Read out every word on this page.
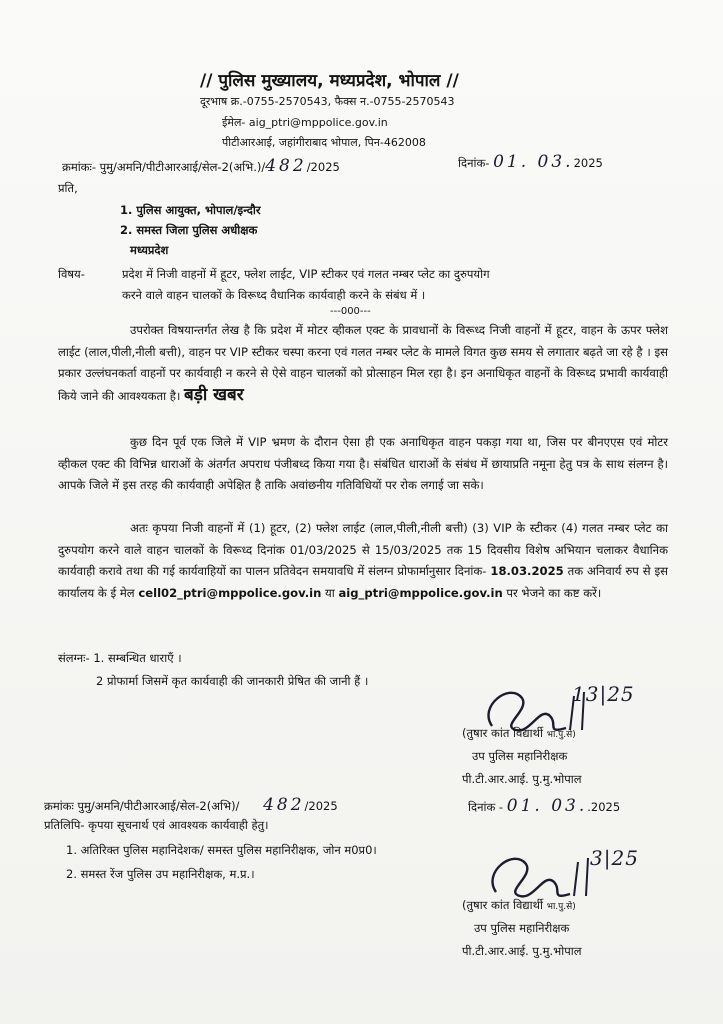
// पुलिस मुख्यालय, मध्यप्रदेश, भोपाल //
दूरभाष क्र.-0755-2570543, फैक्स न.-0755-2570543
ईमेल- aig_ptri@mppolice.gov.in
पीटीआरआई, जहांगीराबाद भोपाल, पिन-462008
क्रमांकः- पुमु/अमनि/पीटीआरआई/सेल-2(अभि.)/482/2025	दिनांक- 01. 03.2025
प्रति,
1. पुलिस आयुक्त, भोपाल/इन्दौर
2. समस्त जिला पुलिस अधीक्षक
मध्यप्रदेश
विषय-	प्रदेश में निजी वाहनों में हूटर, फ्लेश लाईट, VIP स्टीकर एवं गलत नम्बर प्लेट का दुरुपयोग
करने वाले वाहन चालकों के विरूध्द वैधानिक कार्यवाही करने के संबंध में ।
---000---
उपरोक्त विषयान्तर्गत लेख है कि प्रदेश में मोटर व्हीकल एक्ट के प्रावधानों के विरूध्द निजी वाहनों में हूटर, वाहन के ऊपर फ्लेश लाईट (लाल,पीली,नीली बत्ती), वाहन पर VIP स्टीकर चस्पा करना एवं गलत नम्बर प्लेट के मामले विगत कुछ समय से लगातार बढ़ते जा रहे है । इस प्रकार उल्लंघनकर्ता वाहनों पर कार्यवाही न करने से ऐसे वाहन चालकों को प्रोत्साहन मिल रहा है। इन अनाधिकृत वाहनों के विरूध्द प्रभावी कार्यवाही किये जाने की आवश्यकता है। बड़ी खबर
कुछ दिन पूर्व एक जिले में VIP भ्रमण के दौरान ऐसा ही एक अनाधिकृत वाहन पकड़ा गया था, जिस पर बीनएएस एवं मोटर व्हीकल एक्ट की विभिन्न धाराओं के अंतर्गत अपराध पंजीबध्द किया गया है। संबंधित धाराओं के संबंध में छायाप्रति नमूना हेतु पत्र के साथ संलग्न है। आपके जिले में इस तरह की कार्यवाही अपेक्षित है ताकि अवांछनीय गतिविधियों पर रोक लगाई जा सके।
अतः कृपया निजी वाहनों में (1) हूटर, (2) फ्लेश लाईट (लाल,पीली,नीली बत्ती) (3) VIP के स्टीकर (4) गलत नम्बर प्लेट का दुरुपयोग करने वाले वाहन चालकों के विरूध्द दिनांक 01/03/2025 से 15/03/2025 तक 15 दिवसीय विशेष अभियान चलाकर वैधानिक कार्यवाही करावे तथा की गई कार्यवाहियों का पालन प्रतिवेदन समयावधि में संलग्न प्रोफार्मानुसार दिनांक- 18.03.2025 तक अनिवार्य रुप से इस कार्यालय के ई मेल cell02_ptri@mppolice.gov.in या aig_ptri@mppolice.gov.in पर भेजने का कष्ट करें।
संलग्नः- 1. सम्बन्धित धाराएँ ।
2 प्रोफार्मा जिसमें कृत कार्यवाही की जानकारी प्रेषित की जानी हैं ।
13|25
(तुषार कांत विद्यार्थी भा.पु.से)
उप पुलिस महानिरीक्षक
पी.टी.आर.आई. पु.मु.भोपाल
क्रमांकः पुमु/अमनि/पीटीआरआई/सेल-2(अभि)/ 482/2025	दिनांक - 01. 03..2025
प्रतिलिपि- कृपया सूचनार्थ एवं आवश्यक कार्यवाही हेतु।
1. अतिरिक्त पुलिस महानिदेशक/ समस्त पुलिस महानिरीक्षक, जोन म0प्र0।
2. समस्त रेंज पुलिस उप महानिरीक्षक, म.प्र.।
3|25
(तुषार कांत विद्यार्थी भा.पु.से)
उप पुलिस महानिरीक्षक
पी.टी.आर.आई. पु.मु.भोपाल
